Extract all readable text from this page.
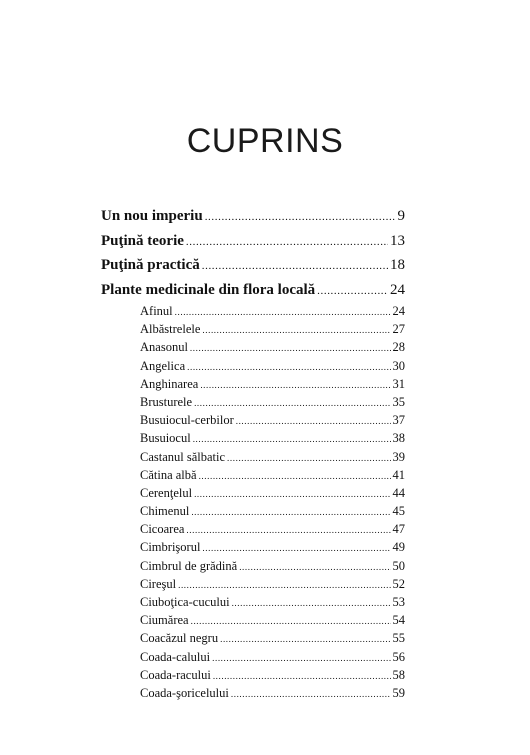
CUPRINS
Un nou imperiu .....	9
Puţină teorie .....	13
Puţină practică .....	18
Plante medicinale din flora locală .....	24
Afinul .....	24
Albăstrelele .....	27
Anasonul .....	28
Angelica .....	30
Anghinarea .....	31
Brusturele .....	35
Busuiocul-cerbilor .....	37
Busuiocul .....	38
Castanul sălbatic .....	39
Cătina albă .....	41
Cerenţelul .....	44
Chimenul .....	45
Cicoarea .....	47
Cimbrişorul .....	49
Cimbrul de grădină .....	50
Cireşul .....	52
Ciuboţica-cucului .....	53
Ciumărea .....	54
Coacăzul negru .....	55
Coada-calului .....	56
Coada-racului .....	58
Coada-şoricelului .....	59
